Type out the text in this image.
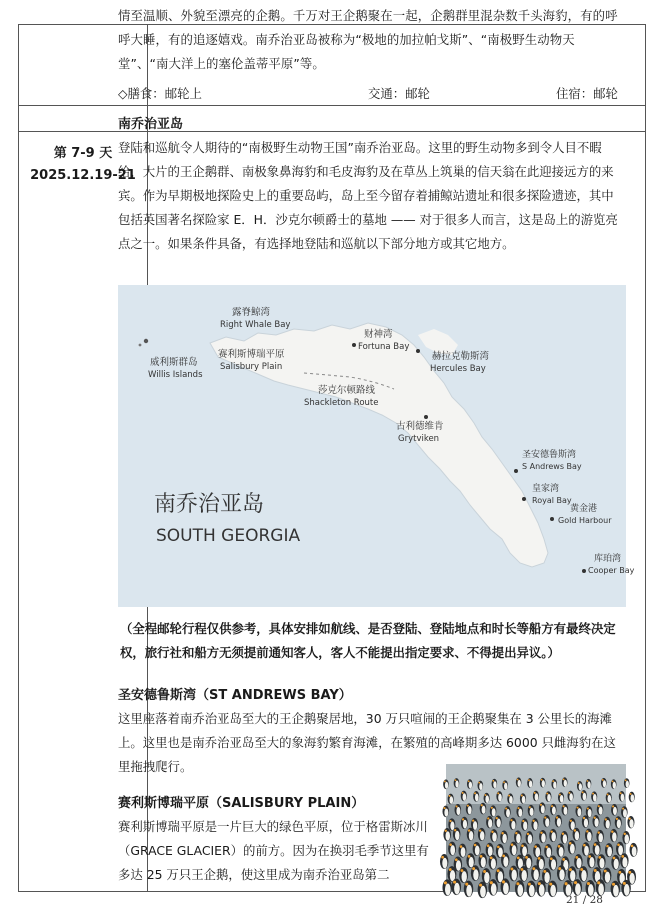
第 7-9 天
2025.12.19-21
情至温顺、外貌至漂亮的企鹅。千万对王企鹅聚在一起，企鹅群里混杂数千头海豹，有的呼呼大睡，有的追逐嬉戏。南乔治亚岛被称为“极地的加拉帕戈斯”、“南极野生动物天堂”、“南大洋上的塞伦盖蒂平原”等。
◇膳食：邮轮上	交通：邮轮	住宿：邮轮
南乔治亚岛

登陆和巡航令人期待的“南极野生动物王国”南乔治亚岛。这里的野生动物多到令人目不暇给，大片的王企鹅群、南极象鼻海豹和毛皮海豹及在草丛上筑巢的信天翁在此迎接远方的来宾。作为早期极地探险史上的重要岛屿，岛上至今留存着捕鲸站遗址和很多探险遗迹，其中包括英国著名探险家 E．H．沙克尔顿爵士的墓地 —— 对于很多人而言，这是岛上的游览亮点之一。如果条件具备，有选择地登陆和巡航以下部分地方或其它地方。

露脊鲸湾
Right Whale Bay
威利斯群岛
Willis Islands
赛利斯博瑞平原
Salisbury Plain
财神湾
Fortuna Bay
赫拉克勒斯湾
Hercules Bay
莎克尔顿路线
Shackleton Route
古利德维肯
Grytviken
圣安德鲁斯湾
S Andrews Bay
皇家湾
Royal Bay
黄金港
Gold Harbour
库珀湾
Cooper Bay
南乔治亚岛
SOUTH GEORGIA
（全程邮轮行程仅供参考，具体安排如航线、是否登陆、登陆地点和时长等船方有最终决定权，旅行社和船方无须提前通知客人，客人不能提出指定要求、不得提出异议。）
圣安德鲁斯湾（ST ANDREWS BAY）
这里座落着南乔治亚岛至大的王企鹅聚居地，30 万只喧闹的王企鹅聚集在 3 公里长的海滩上。这里也是南乔治亚岛至大的象海豹繁育海滩，在繁殖的高峰期多达 6000 只雌海豹在这里拖拽爬行。
赛利斯博瑞平原（SALISBURY PLAIN）
赛利斯博瑞平原是一片巨大的绿色平原，位于格雷斯冰川（GRACE GLACIER）的前方。因为在换羽毛季节这里有多达 25 万只王企鹅，使这里成为南乔治亚岛第二
21 / 28
